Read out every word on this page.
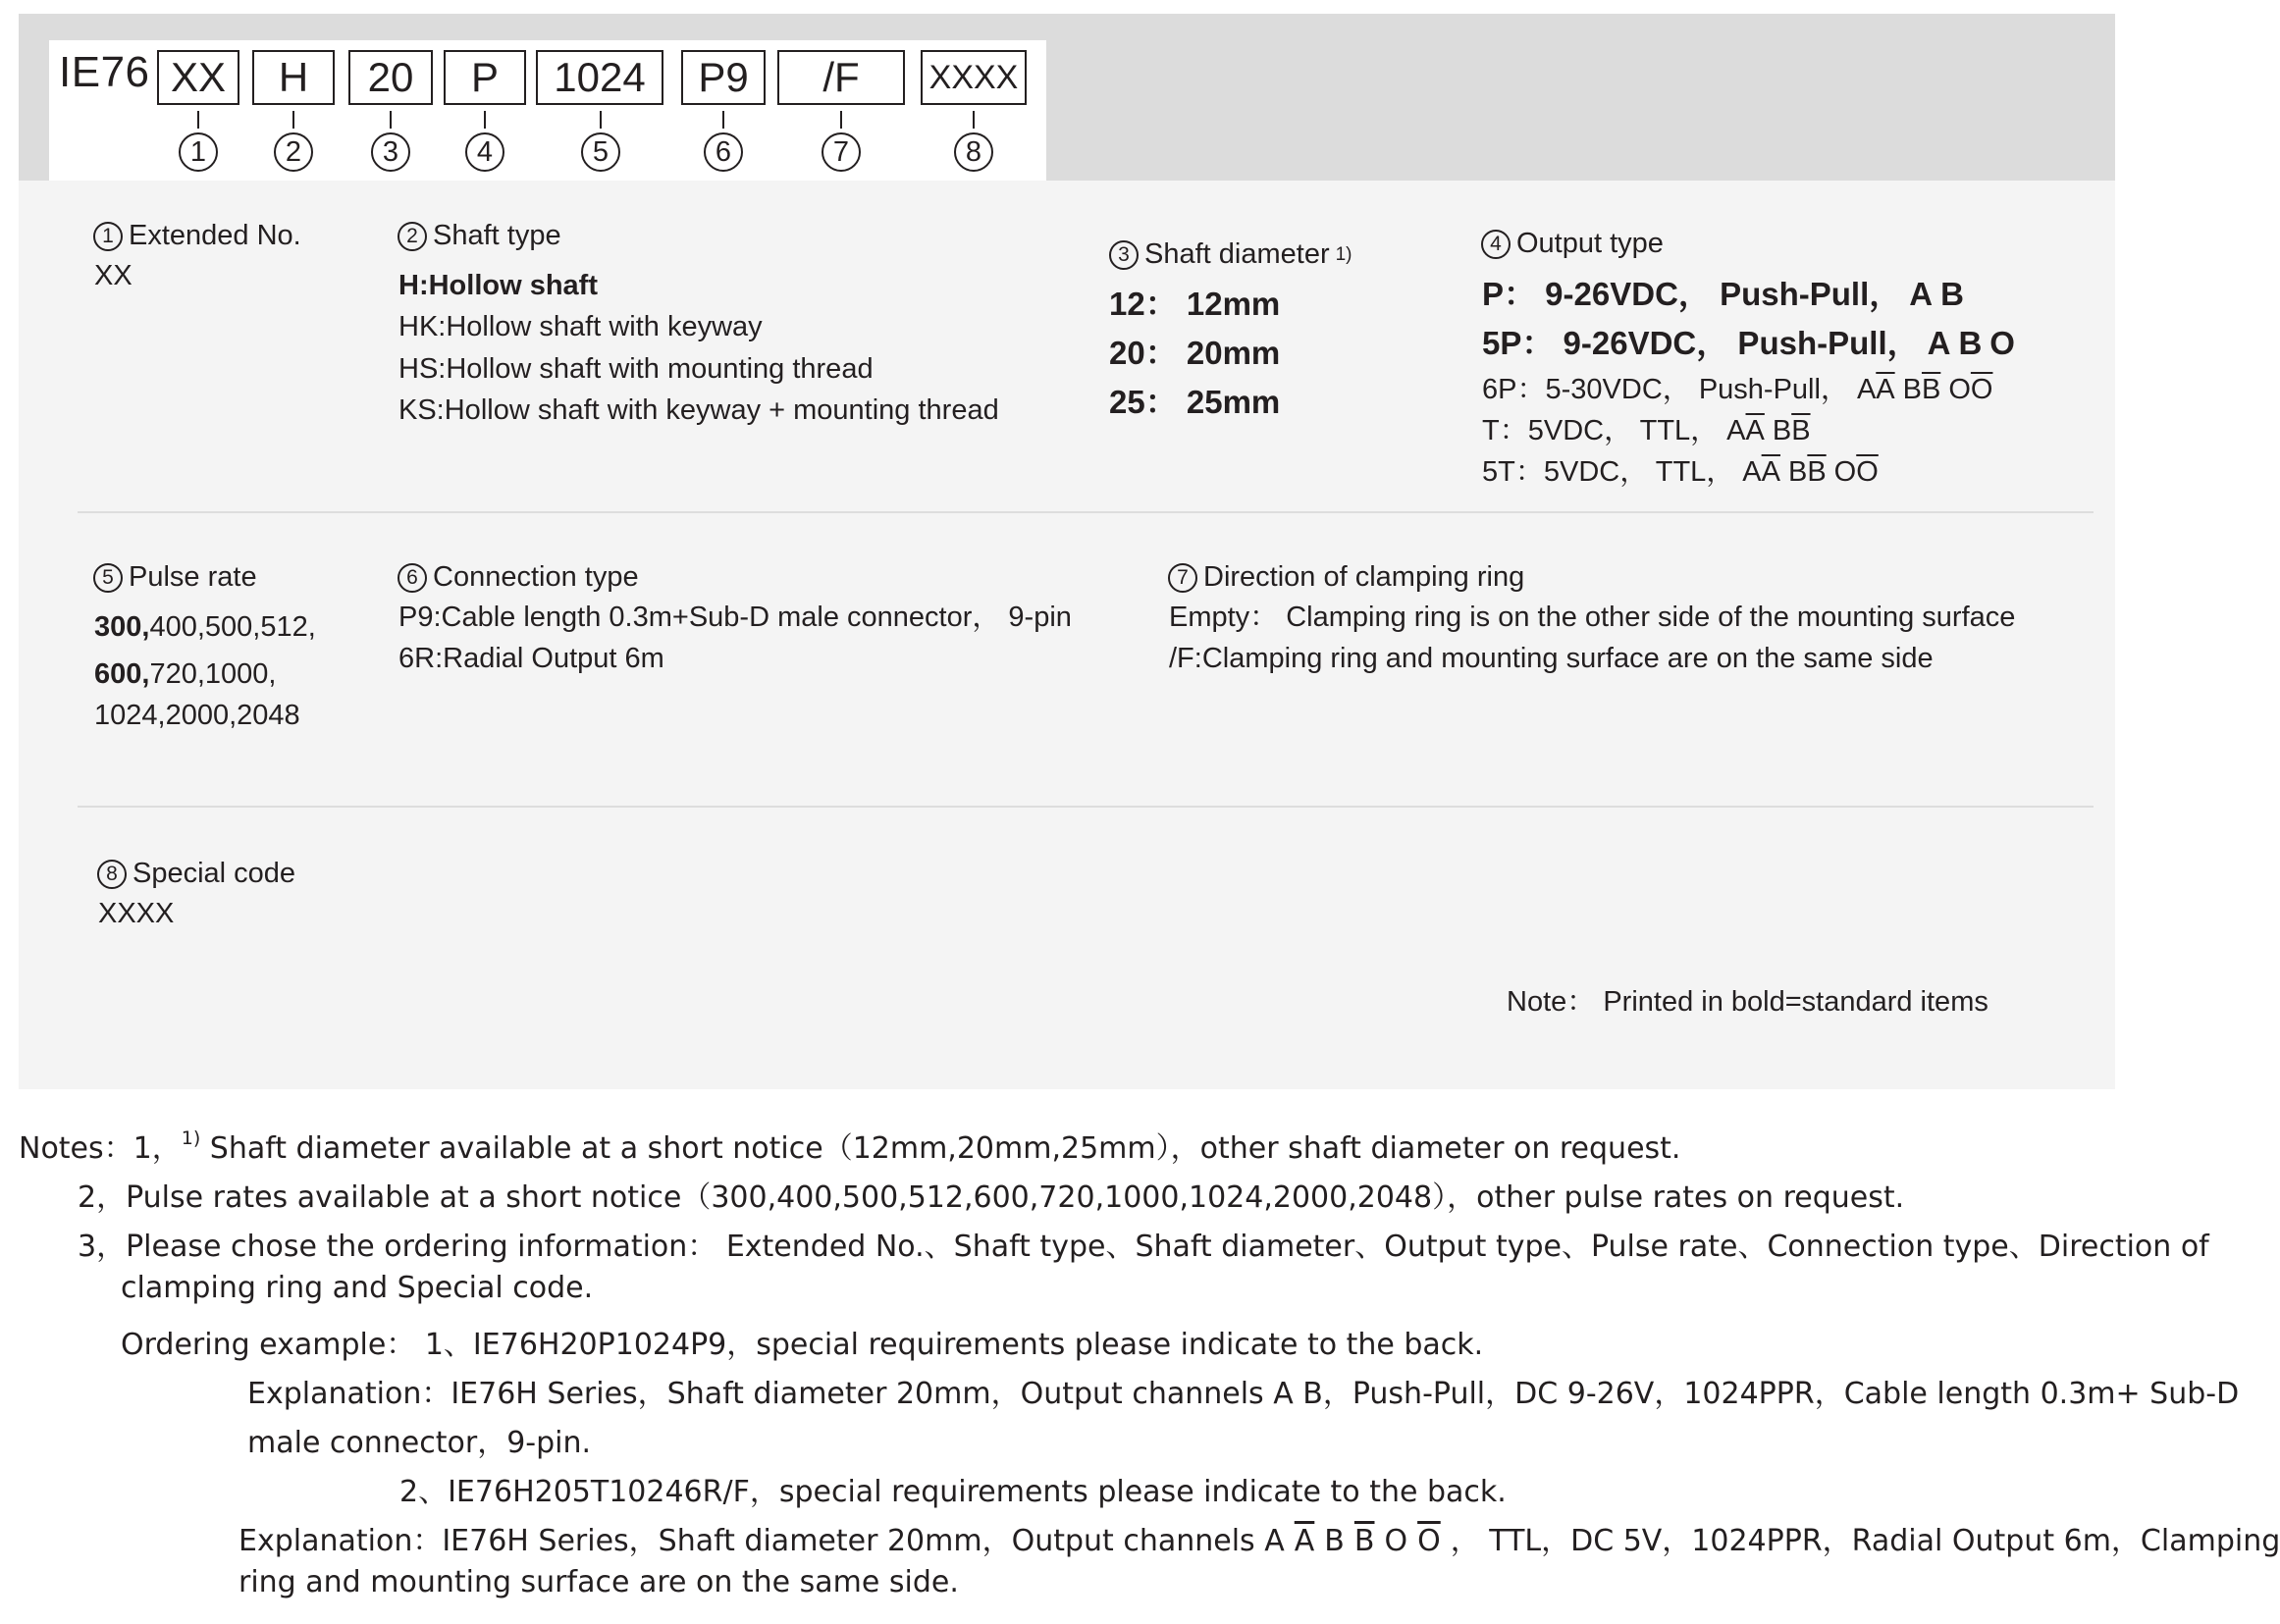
IE76 XX
1
H
2
20
3
P
4
1024
5
P9
6
/F
7
XXXX
8
1 Extended No.
XX
2 Shaft type
H:Hollow shaft
HK:Hollow shaft with keyway
HS:Hollow shaft with mounting thread
KS:Hollow shaft with keyway + mounting thread
3 Shaft diameter 1)
12： 12mm
20： 20mm
25： 25mm
4 Output type
P： 9-26VDC， Push-Pull， A B
5P： 9-26VDC， Push-Pull， A B O
6P：5-30VDC， Push-Pull， $A\overline{A}$ $B\overline{B}$ $O\overline{O}$
T：5VDC， TTL， $A\overline{A}$ $B\overline{B}$
5T：5VDC， TTL， $A\overline{A}$ $B\overline{B}$ $O\overline{O}$
5 Pulse rate
300,400,500,512,
600,720,1000,
1024,2000,2048
6 Connection type
P9:Cable length 0.3m+Sub-D male connector， 9-pin
6R:Radial Output 6m
7 Direction of clamping ring
Empty： Clamping ring is on the other side of the mounting surface
/F:Clamping ring and mounting surface are on the same side
8 Special code
XXXX
Note： Printed in bold=standard items
Notes：1，$^{1)}$ Shaft diameter available at a short notice（12mm,20mm,25mm），other shaft diameter on request.
2，Pulse rates available at a short notice（300,400,500,512,600,720,1000,1024,2000,2048），other pulse rates on request.
3，Please chose the ordering information： Extended No.、Shaft type、Shaft diameter、Output type、Pulse rate、Connection type、Direction of
clamping ring and Special code.
Ordering example： 1、IE76H20P1024P9，special requirements please indicate to the back.
Explanation：IE76H Series，Shaft diameter 20mm，Output channels A B，Push-Pull，DC 9-26V，1024PPR，Cable length 0.3m+ Sub-D
male connector，9-pin.
2、IE76H205T10246R/F，special requirements please indicate to the back.
Explanation：IE76H Series，Shaft diameter 20mm，Output channels A $\overline{A}$ B $\overline{B}$ O $\overline{O}$ ， TTL，DC 5V，1024PPR，Radial Output 6m，Clamping
ring and mounting surface are on the same side.
